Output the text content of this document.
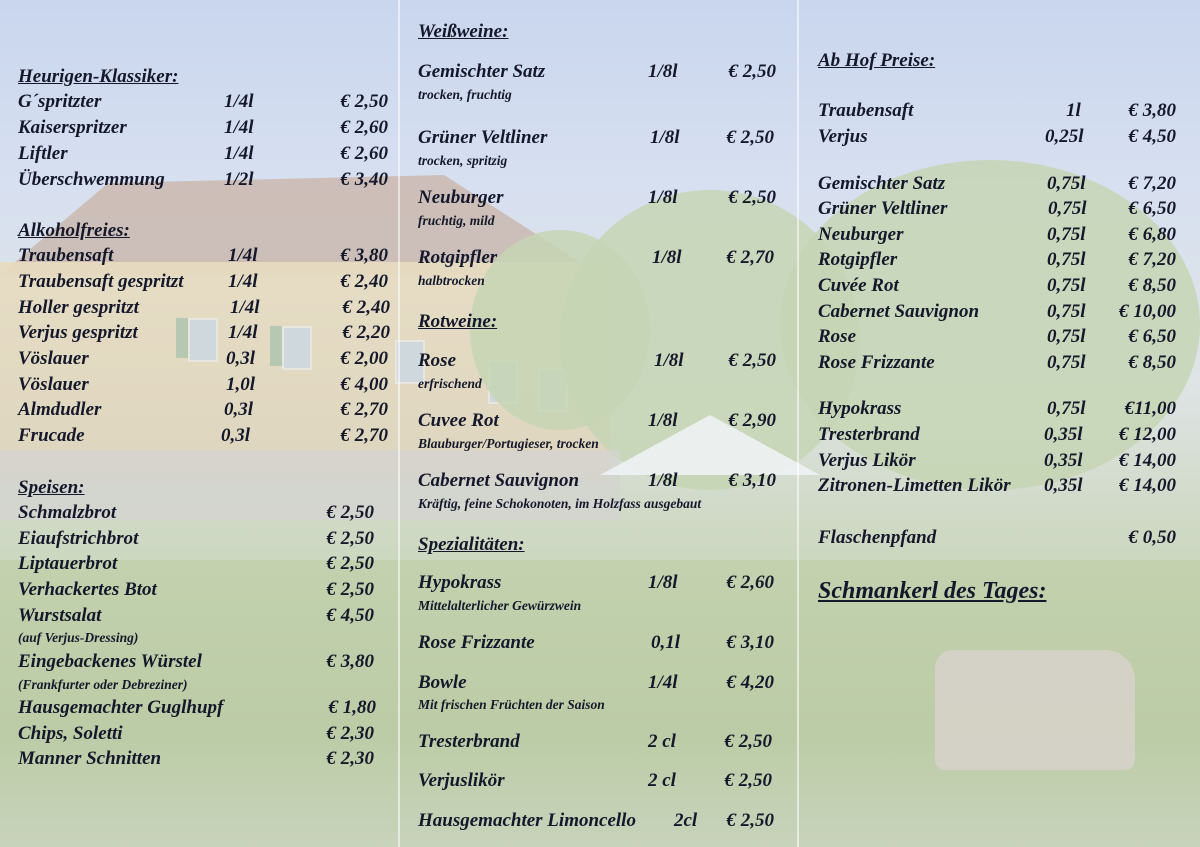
Heurigen-Klassiker:
G´spritzter	1/4l	€ 2,50
Kaiserspritzer	1/4l	€ 2,60
Liftler	1/4l	€ 2,60
Überschwemmung	1/2l	€ 3,40
Alkoholfreies:
Traubensaft	1/4l	€ 3,80
Traubensaft gespritzt 1/4l	€ 2,40
Holler gespritzt	1/4l	€ 2,40
Verjus gespritzt	1/4l	€ 2,20
Vöslauer	0,3l	€ 2,00
Vöslauer	1,0l	€ 4,00
Almdudler	0,3l	€ 2,70
Frucade	0,3l	€ 2,70
Speisen:
Schmalzbrot	€ 2,50
Eiaufstrichbrot	€ 2,50
Liptauerbrot	€ 2,50
Verhackertes Btot	€ 2,50
Wurstsalat	€ 4,50
(auf Verjus-Dressing)
Eingebackenes Würstel	€ 3,80
(Frankfurter oder Debreziner)
Hausgemachter Guglhupf	€ 1,80
Chips, Soletti	€ 2,30
Manner Schnitten	€ 2,30
Weißweine:
Gemischter Satz	1/8l	€ 2,50
trocken, fruchtig
Grüner Veltliner	1/8l	€ 2,50
trocken, spritzig
Neuburger	1/8l	€ 2,50
fruchtig, mild
Rotgipfler	1/8l	€ 2,70
halbtrocken
Rotweine:
Rose	1/8l	€ 2,50
erfrischend
Cuvee Rot	1/8l	€ 2,90
Blauburger/Portugieser, trocken
Cabernet Sauvignon	1/8l	€ 3,10
Kräftig, feine Schokonoten, im Holzfass ausgebaut
Spezialitäten:
Hypokrass	1/8l	€ 2,60
Mittelalterlicher Gewürzwein
Rose Frizzante	0,1l	€ 3,10
Bowle	1/4l	€ 4,20
Mit frischen Früchten der Saison
Tresterbrand	2 cl	€ 2,50
Verjuslikör	2 cl	€ 2,50
Hausgemachter Limoncello 2cl	€ 2,50
Ab Hof Preise:
Traubensaft	1l	€ 3,80
Verjus	0,25l	€ 4,50
Gemischter Satz	0,75l	€ 7,20
Grüner Veltliner	0,75l	€ 6,50
Neuburger	0,75l	€ 6,80
Rotgipfler	0,75l	€ 7,20
Cuvée Rot	0,75l	€ 8,50
Cabernet Sauvignon	0,75l	€ 10,00
Rose	0,75l	€ 6,50
Rose Frizzante	0,75l	€ 8,50
Hypokrass	0,75l	€11,00
Tresterbrand	0,35l	€ 12,00
Verjus Likör	0,35l	€ 14,00
Zitronen-Limetten Likör 0,35l	€ 14,00
Flaschenpfand	€ 0,50
Schmankerl des Tages:
